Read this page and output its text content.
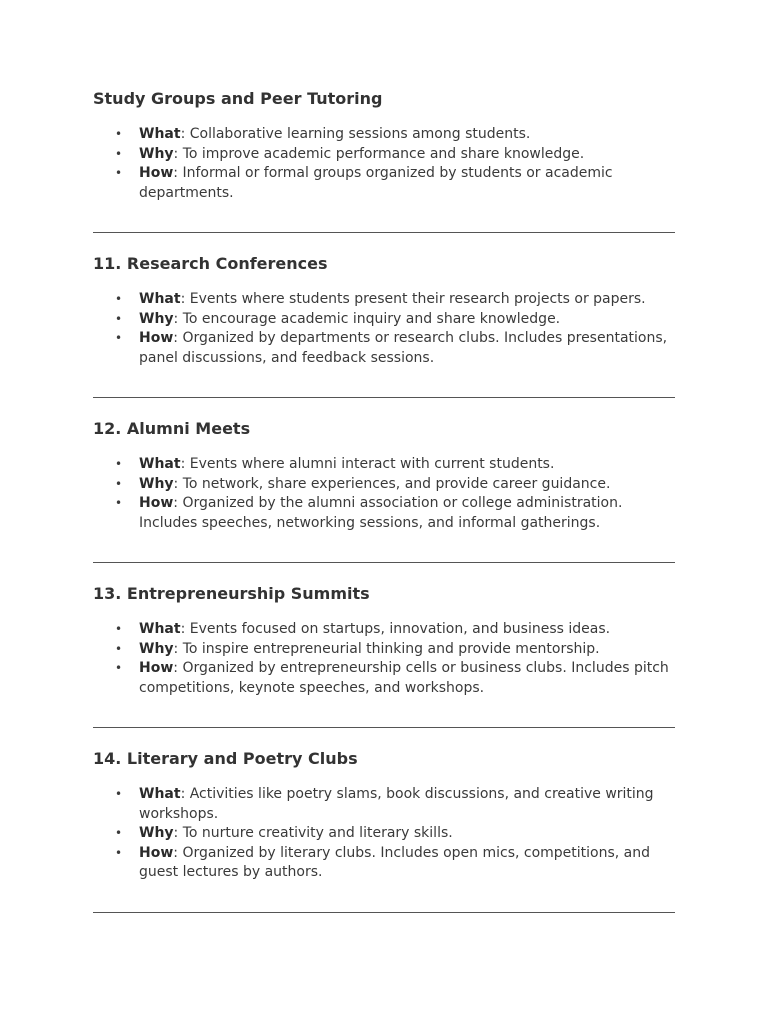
Study Groups and Peer Tutoring
• What: Collaborative learning sessions among students.
• Why: To improve academic performance and share knowledge.
• How: Informal or formal groups organized by students or academic departments.
11. Research Conferences
• What: Events where students present their research projects or papers.
• Why: To encourage academic inquiry and share knowledge.
• How: Organized by departments or research clubs. Includes presentations, panel discussions, and feedback sessions.
12. Alumni Meets
• What: Events where alumni interact with current students.
• Why: To network, share experiences, and provide career guidance.
• How: Organized by the alumni association or college administration. Includes speeches, networking sessions, and informal gatherings.
13. Entrepreneurship Summits
• What: Events focused on startups, innovation, and business ideas.
• Why: To inspire entrepreneurial thinking and provide mentorship.
• How: Organized by entrepreneurship cells or business clubs. Includes pitch competitions, keynote speeches, and workshops.
14. Literary and Poetry Clubs
• What: Activities like poetry slams, book discussions, and creative writing workshops.
• Why: To nurture creativity and literary skills.
• How: Organized by literary clubs. Includes open mics, competitions, and guest lectures by authors.
